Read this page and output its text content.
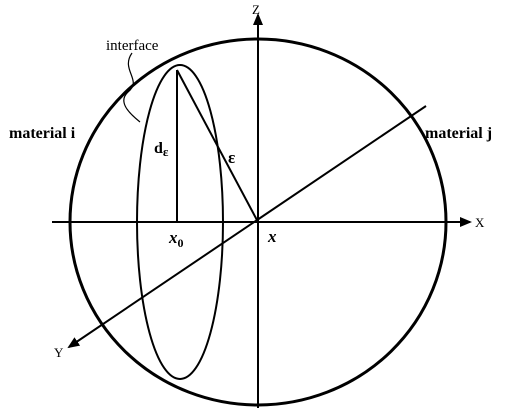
Z
X
Y
interface
material i	material j
dε	ε
$x_0$	x
